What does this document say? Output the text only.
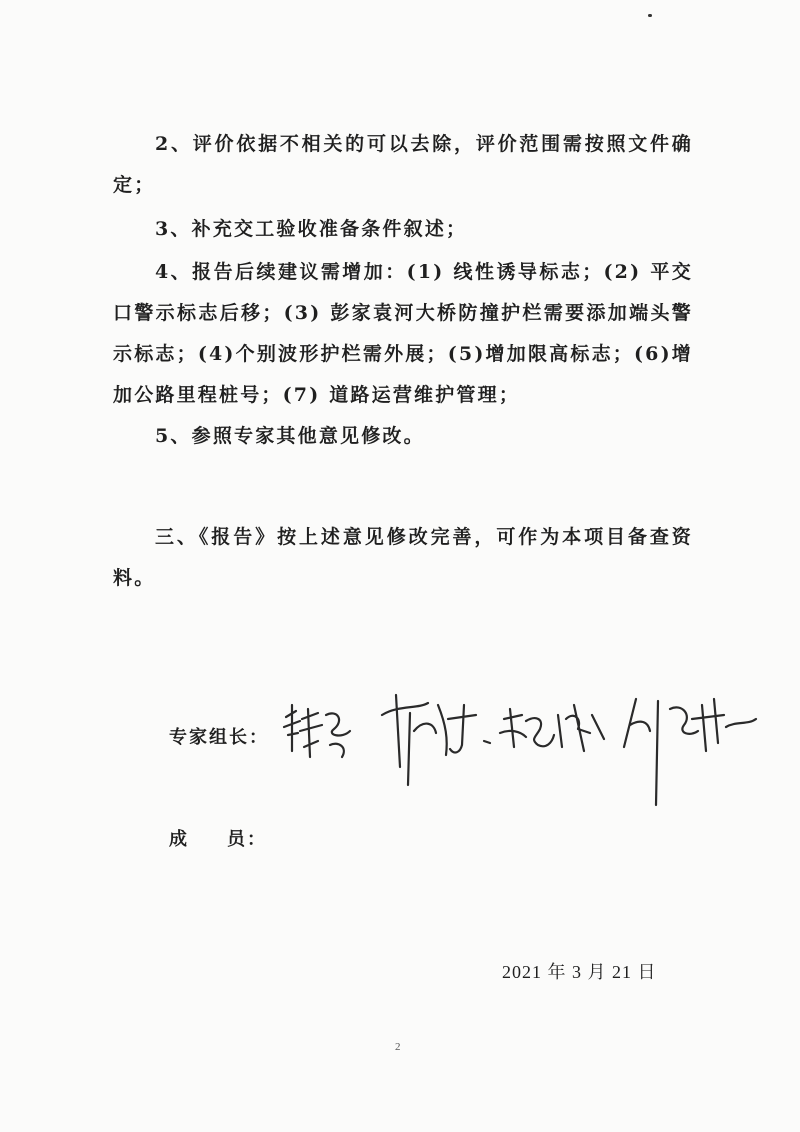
2、评价依据不相关的可以去除，评价范围需按照文件确定；
3、补充交工验收准备条件叙述；
4、报告后续建议需增加：(1) 线性诱导标志；(2) 平交口警示标志后移；(3) 彭家袁河大桥防撞护栏需要添加端头警示标志；(4)个别波形护栏需外展；(5)增加限高标志；(6)增加公路里程桩号；(7) 道路运营维护管理；
5、参照专家其他意见修改。
三、《报告》按上述意见修改完善，可作为本项目备查资料。
专家组长：
成 员：
2021 年 3 月 21 日
2
